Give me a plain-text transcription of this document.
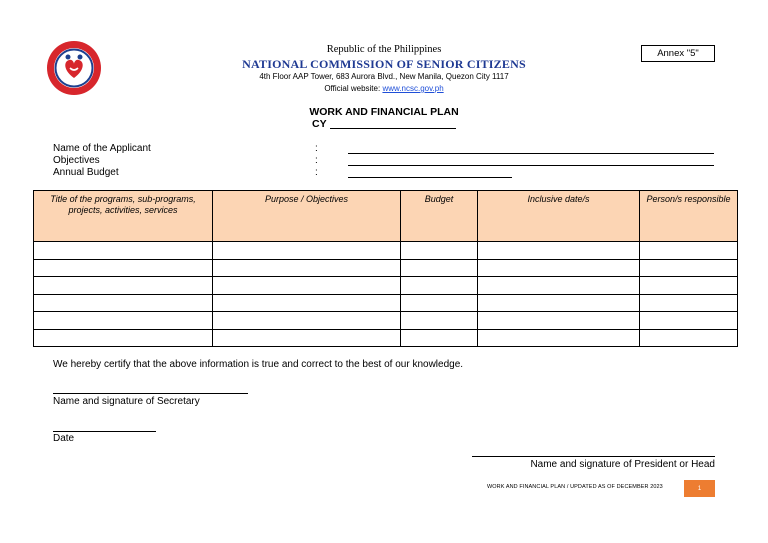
Republic of the Philippines
NATIONAL COMMISSION OF SENIOR CITIZENS
4th Floor AAP Tower, 683 Aurora Blvd., New Manila, Quezon City 1117
Official website: www.ncsc.gov.ph
Annex "5"
WORK AND FINANCIAL PLAN
CY
Name of the Applicant	:
Objectives	:
Annual Budget	:
Title of the programs, sub-programs, projects, activities, services	Purpose / Objectives	Budget	Inclusive date/s	Person/s responsible

We hereby certify that the above information is true and correct to the best of our knowledge.
Name and signature of Secretary
Date
Name and signature of President or Head
WORK AND FINANCIAL PLAN / UPDATED AS OF DECEMBER 2023	1
